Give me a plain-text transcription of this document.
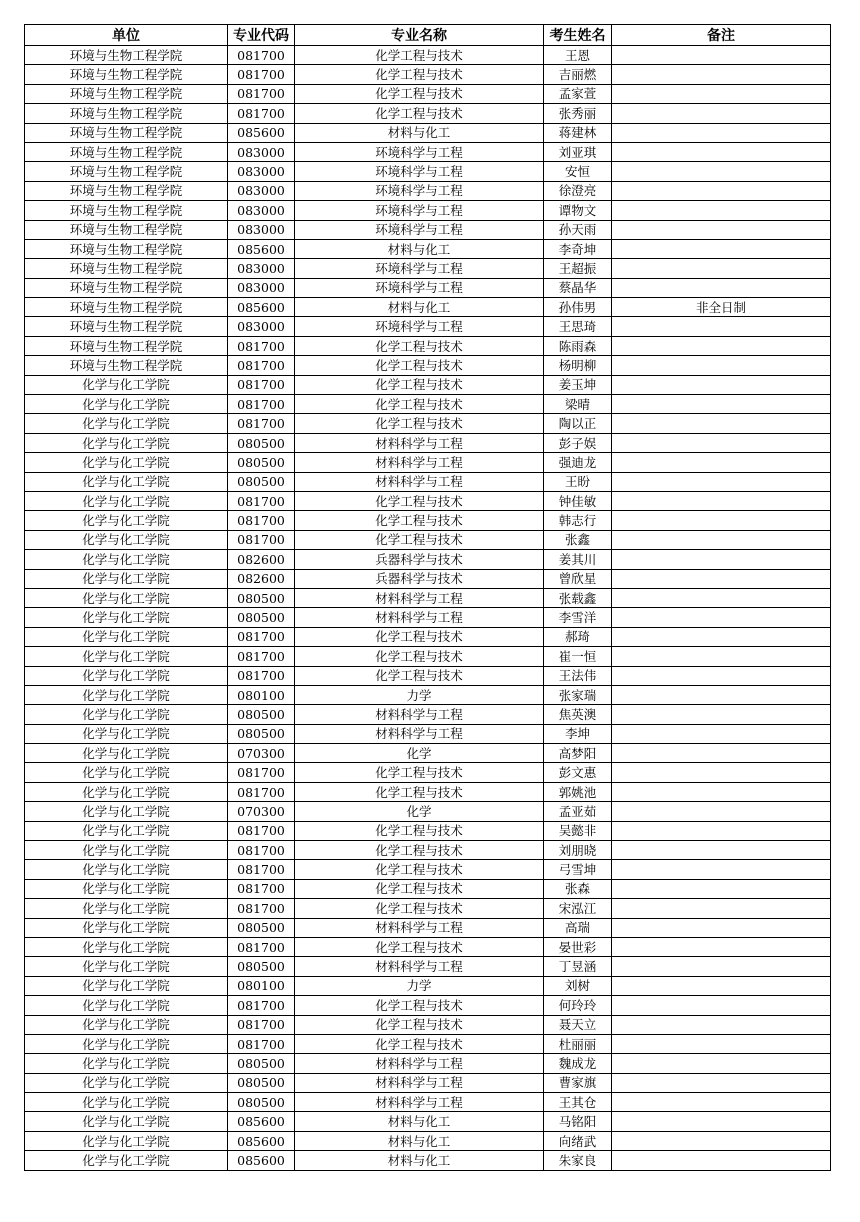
单位	专业代码	专业名称	考生姓名	备注
环境与生物工程学院	081700	化学工程与技术	王恩	
环境与生物工程学院	081700	化学工程与技术	吉丽燃	
环境与生物工程学院	081700	化学工程与技术	孟家萱	
环境与生物工程学院	081700	化学工程与技术	张秀丽	
环境与生物工程学院	085600	材料与化工	蒋建林	
环境与生物工程学院	083000	环境科学与工程	刘亚琪	
环境与生物工程学院	083000	环境科学与工程	安恒	
环境与生物工程学院	083000	环境科学与工程	徐澄亮	
环境与生物工程学院	083000	环境科学与工程	谭物文	
环境与生物工程学院	083000	环境科学与工程	孙天雨	
环境与生物工程学院	085600	材料与化工	李奇坤	
环境与生物工程学院	083000	环境科学与工程	王超振	
环境与生物工程学院	083000	环境科学与工程	蔡晶华	
环境与生物工程学院	085600	材料与化工	孙伟男	非全日制
环境与生物工程学院	083000	环境科学与工程	王思琦	
环境与生物工程学院	081700	化学工程与技术	陈雨森	
环境与生物工程学院	081700	化学工程与技术	杨明柳	
化学与化工学院	081700	化学工程与技术	姜玉坤	
化学与化工学院	081700	化学工程与技术	梁晴	
化学与化工学院	081700	化学工程与技术	陶以正	
化学与化工学院	080500	材料科学与工程	彭子娱	
化学与化工学院	080500	材料科学与工程	强迪龙	
化学与化工学院	080500	材料科学与工程	王盼	
化学与化工学院	081700	化学工程与技术	钟佳敏	
化学与化工学院	081700	化学工程与技术	韩志行	
化学与化工学院	081700	化学工程与技术	张鑫	
化学与化工学院	082600	兵器科学与技术	姜其川	
化学与化工学院	082600	兵器科学与技术	曾欣星	
化学与化工学院	080500	材料科学与工程	张载鑫	
化学与化工学院	080500	材料科学与工程	李雪洋	
化学与化工学院	081700	化学工程与技术	郝琦	
化学与化工学院	081700	化学工程与技术	崔一恒	
化学与化工学院	081700	化学工程与技术	王法伟	
化学与化工学院	080100	力学	张家瑞	
化学与化工学院	080500	材料科学与工程	焦英澳	
化学与化工学院	080500	材料科学与工程	李坤	
化学与化工学院	070300	化学	高梦阳	
化学与化工学院	081700	化学工程与技术	彭文惠	
化学与化工学院	081700	化学工程与技术	郭姚池	
化学与化工学院	070300	化学	孟亚茹	
化学与化工学院	081700	化学工程与技术	吴懿非	
化学与化工学院	081700	化学工程与技术	刘朋晓	
化学与化工学院	081700	化学工程与技术	弓雪坤	
化学与化工学院	081700	化学工程与技术	张森	
化学与化工学院	081700	化学工程与技术	宋泓江	
化学与化工学院	080500	材料科学与工程	高瑞	
化学与化工学院	081700	化学工程与技术	晏世彩	
化学与化工学院	080500	材料科学与工程	丁昱涵	
化学与化工学院	080100	力学	刘树	
化学与化工学院	081700	化学工程与技术	何玲玲	
化学与化工学院	081700	化学工程与技术	聂天立	
化学与化工学院	081700	化学工程与技术	杜丽丽	
化学与化工学院	080500	材料科学与工程	魏成龙	
化学与化工学院	080500	材料科学与工程	曹家旗	
化学与化工学院	080500	材料科学与工程	王其仓	
化学与化工学院	085600	材料与化工	马铭阳	
化学与化工学院	085600	材料与化工	向绪武	
化学与化工学院	085600	材料与化工	朱家良	
